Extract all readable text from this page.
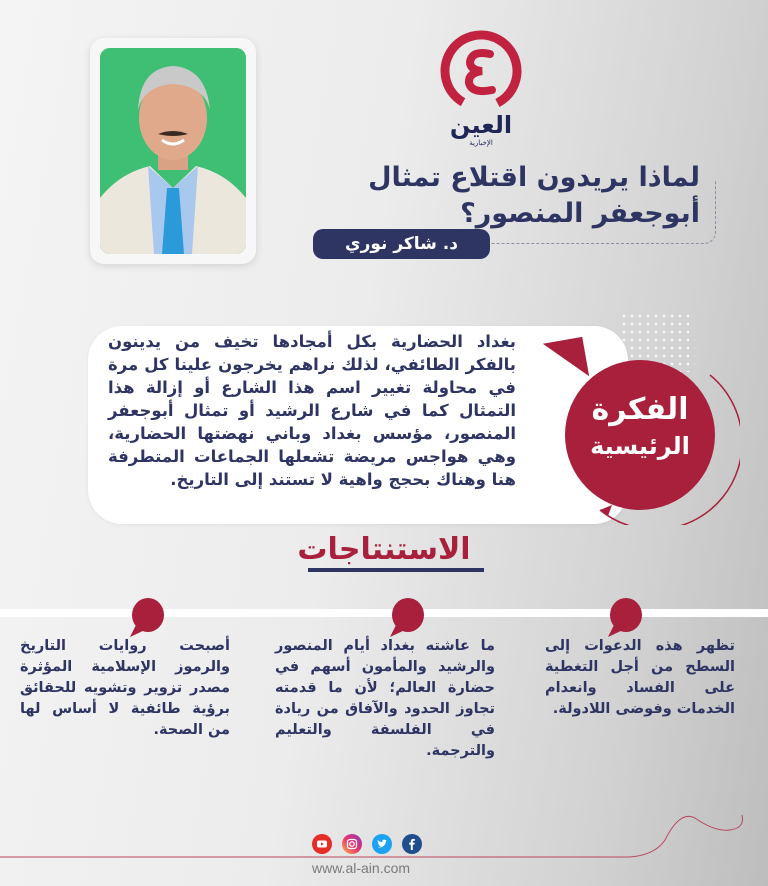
العين
الإخبارية
لماذا يريدون اقتلاع تمثال
أبوجعفر المنصور؟
د. شاكر نوري
بغداد الحضارية بكل أمجادها تخيف من يدينون بالفكر الطائفي، لذلك نراهم يخرجون علينا كل مرة في محاولة تغيير اسم هذا الشارع أو إزالة هذا التمثال كما في شارع الرشيد أو تمثال أبوجعفر المنصور، مؤسس بغداد وباني نهضتها الحضارية، وهي هواجس مريضة تشعلها الجماعات المتطرفة هنا وهناك بحجج واهية لا تستند إلى التاريخ.
الفكرة
الرئيسية
الاستنتاجات
تظهر هذه الدعوات إلى السطح من أجل التغطية على الفساد وانعدام الخدمات وفوضى اللادولة.
ما عاشته بغداد أيام المنصور والرشيد والمأمون أسهم في حضارة العالم؛ لأن ما قدمته تجاوز الحدود والآفاق من ريادة في الفلسفة والتعليم والترجمة.
أصبحت روايات التاريخ والرموز الإسلامية المؤثرة مصدر تزوير وتشويه للحقائق برؤية طائفية لا أساس لها من الصحة.
www.al-ain.com
